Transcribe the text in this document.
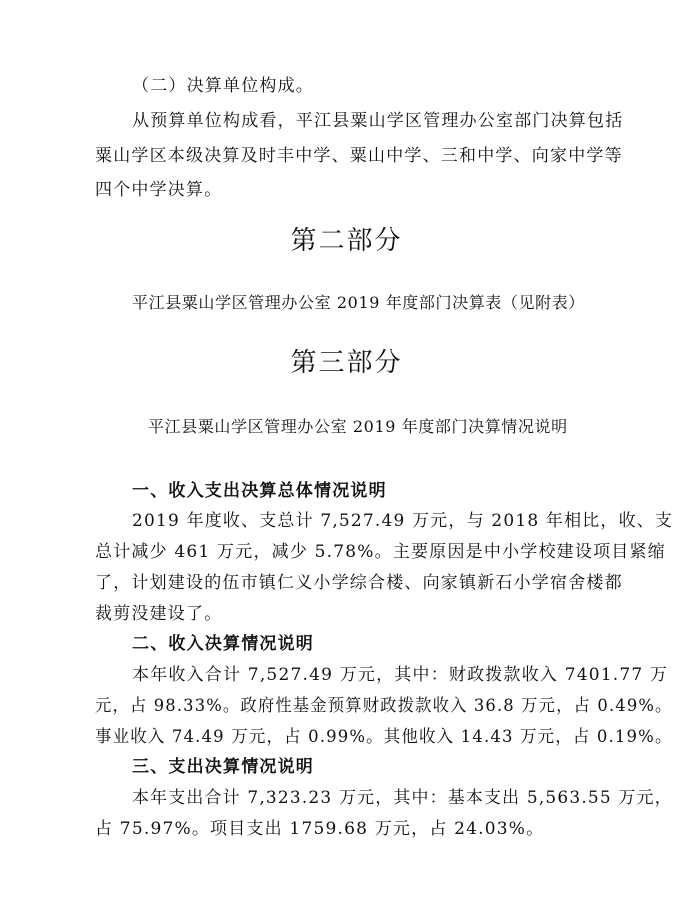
（二）决算单位构成。
从预算单位构成看，平江县粟山学区管理办公室部门决算包括
粟山学区本级决算及时丰中学、粟山中学、三和中学、向家中学等
四个中学决算。
第二部分
平江县粟山学区管理办公室 2019 年度部门决算表（见附表）
第三部分
平江县粟山学区管理办公室 2019 年度部门决算情况说明
一、收入支出决算总体情况说明
2019 年度收、支总计 7,527.49 万元，与 2018 年相比，收、支
总计减少 461 万元，减少 5.78%。主要原因是中小学校建设项目紧缩
了，计划建设的伍市镇仁义小学综合楼、向家镇新石小学宿舍楼都
裁剪没建设了。
二、收入决算情况说明
本年收入合计 7,527.49 万元，其中：财政拨款收入 7401.77 万
元，占 98.33%。政府性基金预算财政拨款收入 36.8 万元，占 0.49%。
事业收入 74.49 万元，占 0.99%。其他收入 14.43 万元，占 0.19%。
三、支出决算情况说明
本年支出合计 7,323.23 万元，其中：基本支出 5,563.55 万元，
占 75.97%。项目支出 1759.68 万元，占 24.03%。
